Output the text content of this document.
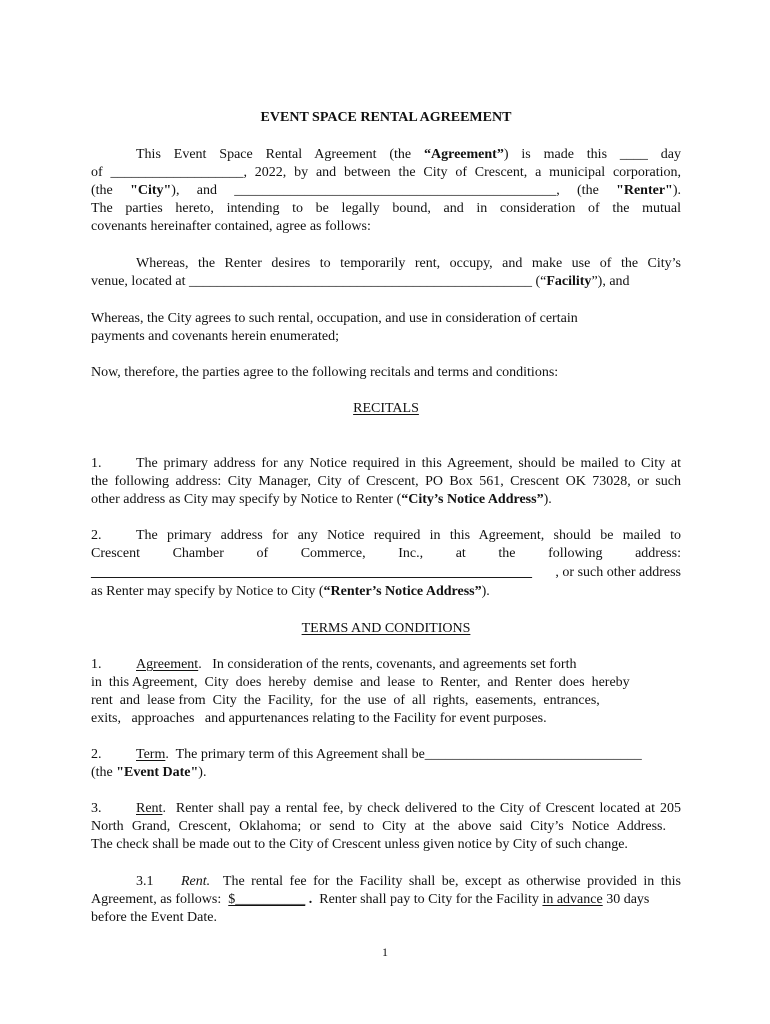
EVENT SPACE RENTAL AGREEMENT
This Event Space Rental Agreement (the “Agreement”) is made this ____ day
of ___________________, 2022, by and between the City of Crescent, a municipal corporation,
(the "City"), and ______________________________________________, (the "Renter").
The parties hereto, intending to be legally bound, and in consideration of the mutual
covenants hereinafter contained, agree as follows:
Whereas, the Renter desires to temporarily rent, occupy, and make use of the City’s
venue, located at _________________________________________________ (“Facility”), and
Whereas, the City agrees to such rental, occupation, and use in consideration of certain
payments and covenants herein enumerated;
Now, therefore, the parties agree to the following recitals and terms and conditions:
RECITALS
1.	The primary address for any Notice required in this Agreement, should be mailed to City at
the following address: City Manager, City of Crescent, PO Box 561, Crescent OK 73028, or such
other address as City may specify by Notice to Renter (“City’s Notice Address”).
2.	The primary address for any Notice required in this Agreement, should be mailed to
Crescent Chamber of Commerce, Inc., at the following address:
_______________________________________________________________ , or such other address
as Renter may specify by Notice to City (“Renter’s Notice Address”).
TERMS AND CONDITIONS
1.	Agreement.   In consideration of the rents, covenants, and agreements set forth
in  this Agreement,  City  does  hereby  demise  and  lease  to  Renter,  and  Renter  does  hereby
rent  and  lease from  City  the  Facility,  for  the  use  of  all  rights,  easements,  entrances,
exits,   approaches   and appurtenances relating to the Facility for event purposes.
2.	Term.  The primary term of this Agreement shall be_______________________________
(the "Event Date").
3.	Rent.  Renter shall pay a rental fee, by check delivered to the City of Crescent located at 205
North Grand, Crescent, Oklahoma; or send to City at the above said City’s Notice Address.
The check shall be made out to the City of Crescent unless given notice by City of such change.
3.1	Rent.  The rental fee for the Facility shall be, except as otherwise provided in this
Agreement, as follows:  $__________ .  Renter shall pay to City for the Facility in advance 30 days
before the Event Date.
1
